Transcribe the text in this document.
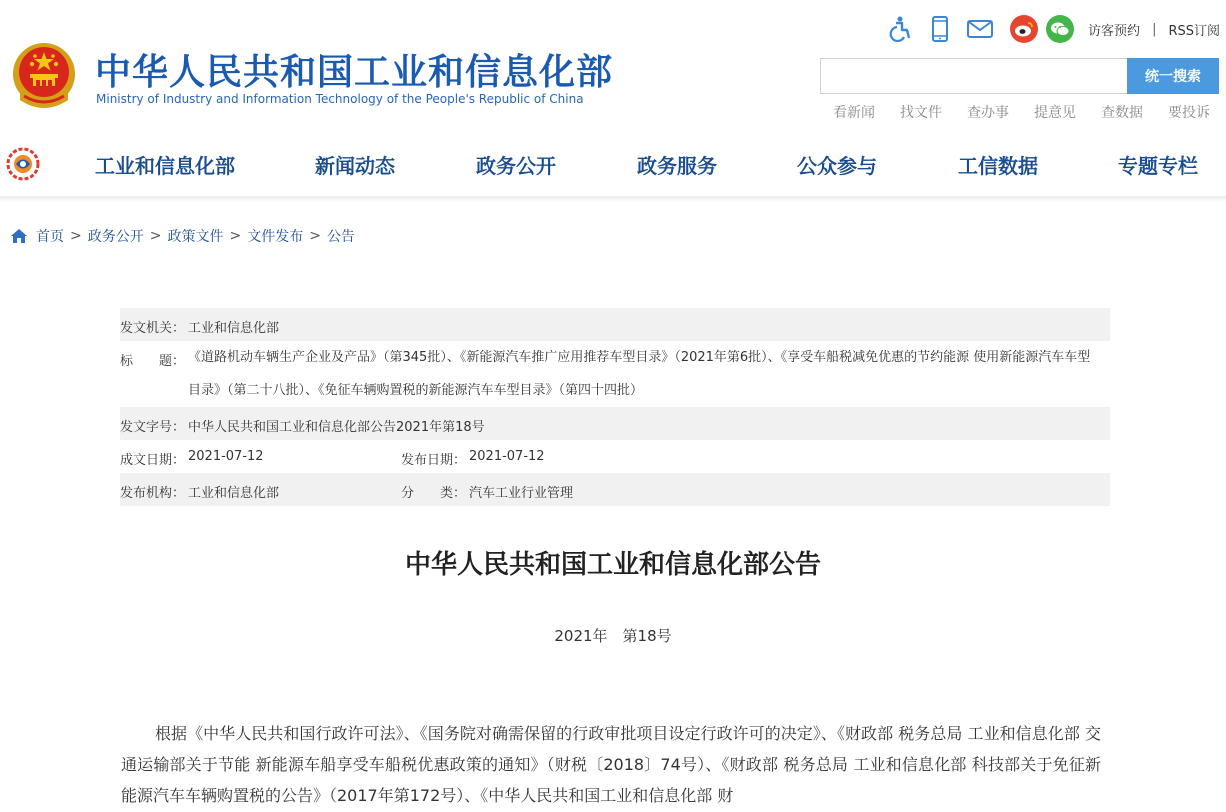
中华人民共和国工业和信息化部
Ministry of Industry and Information Technology of the People's Republic of China
访客预约 | RSS订阅
统一搜索
看新闻 找文件 查办事 提意见 查数据 要投诉
工业和信息化部	新闻动态	政务公开	政务服务	公众参与	工信数据	专题专栏
首页 > 政务公开 > 政策文件 > 文件发布 > 公告
发文机关： 工业和信息化部
标　　题： 《道路机动车辆生产企业及产品》（第345批）、《新能源汽车推广应用推荐车型目录》（2021年第6批）、《享受车船税减免优惠的节约能源 使用新能源汽车车型目录》（第二十八批）、《免征车辆购置税的新能源汽车车型目录》（第四十四批）
发文字号： 中华人民共和国工业和信息化部公告2021年第18号
成文日期： 2021-07-12	发布日期： 2021-07-12
发布机构： 工业和信息化部	分　　类： 汽车工业行业管理
中华人民共和国工业和信息化部公告
2021年　第18号

根据《中华人民共和国行政许可法》、《国务院对确需保留的行政审批项目设定行政许可的决定》、《财政部 税务总局 工业和信息化部 交通运输部关于节能 新能源车船享受车船税优惠政策的通知》（财税〔2018〕74号）、《财政部 税务总局 工业和信息化部 科技部关于免征新能源汽车车辆购置税的公告》（2017年第172号）、《中华人民共和国工业和信息化部 财
